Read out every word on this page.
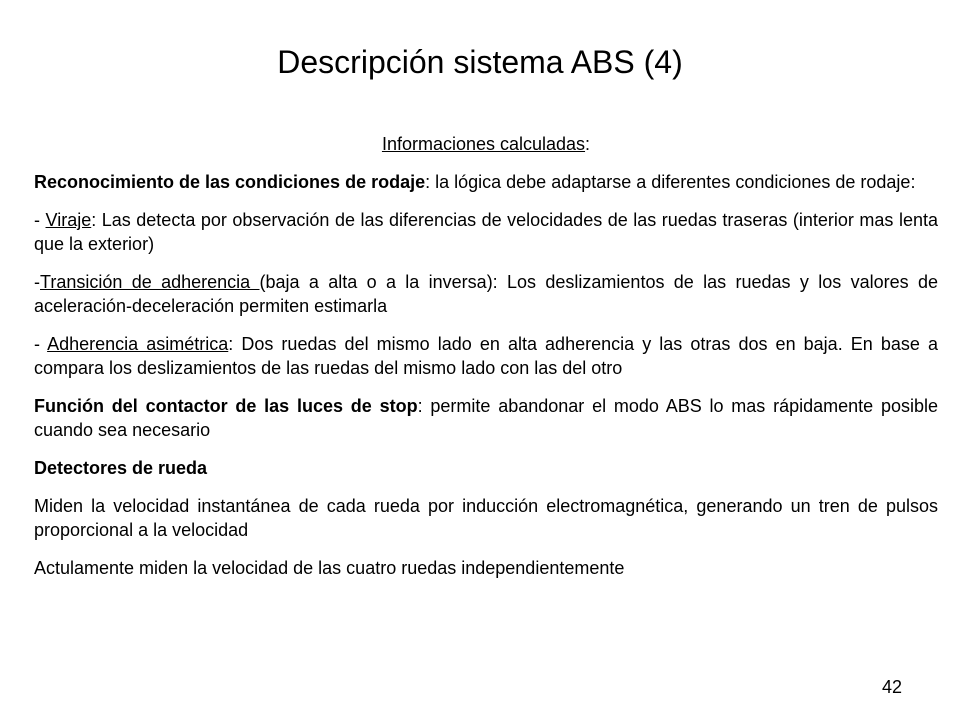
Descripción sistema ABS (4)

Informaciones calculadas:

Reconocimiento de las condiciones de rodaje: la lógica debe adaptarse a diferentes condiciones de rodaje:

- Viraje: Las detecta por observación de las diferencias de velocidades de las ruedas traseras (interior mas lenta que la exterior)

-Transición de adherencia (baja a alta o a la inversa): Los deslizamientos de las ruedas y los valores de aceleración-deceleración permiten estimarla

- Adherencia asimétrica: Dos ruedas del mismo lado en alta adherencia y las otras dos en baja. En base a compara los deslizamientos de las ruedas del mismo lado con las del otro

Función del contactor de las luces de stop: permite abandonar el modo ABS lo mas rápidamente posible cuando sea necesario

Detectores de rueda

Miden la velocidad instantánea de cada rueda por inducción electromagnética, generando un tren de pulsos proporcional a la velocidad

Actulamente miden la velocidad de las cuatro ruedas independientemente

42
